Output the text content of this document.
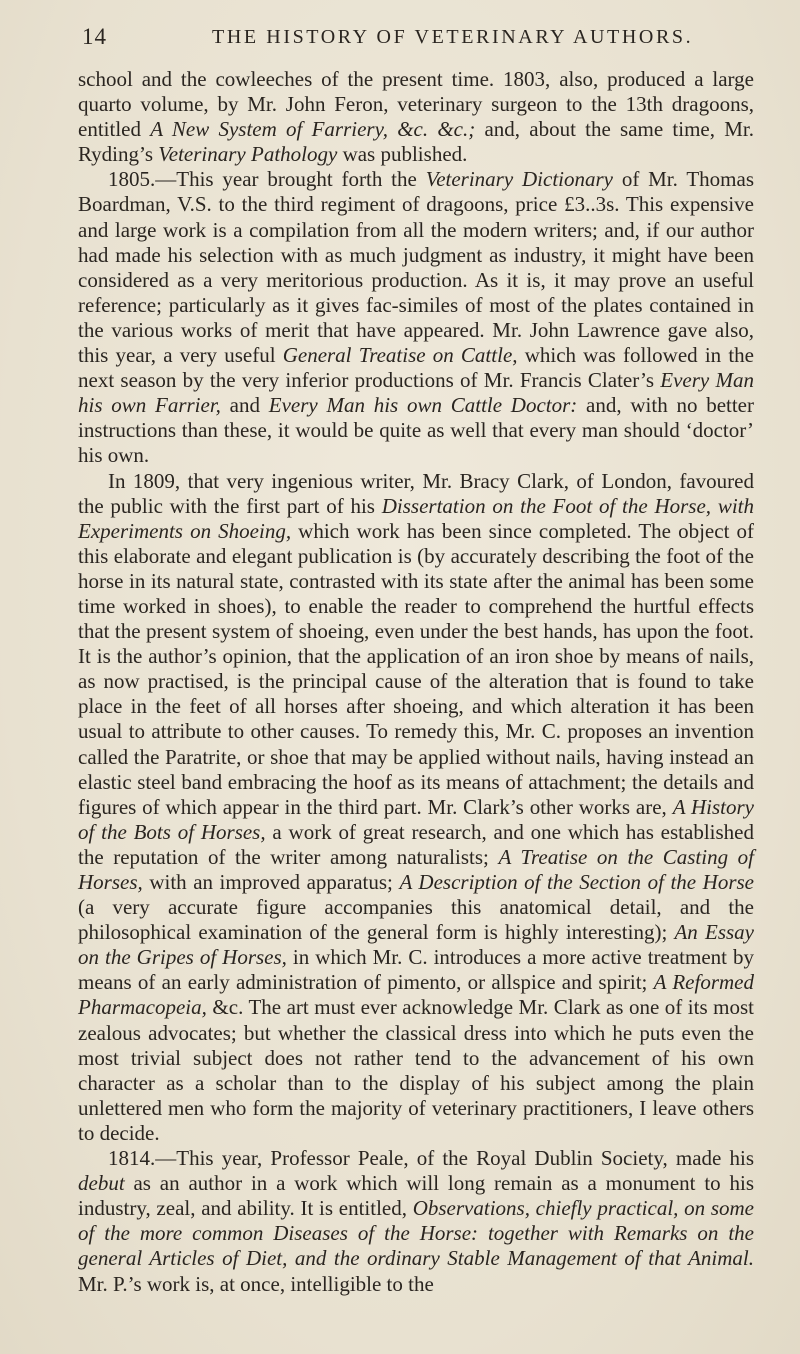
14	THE HISTORY OF VETERINARY AUTHORS.

school and the cowleeches of the present time. 1803, also, produced a large quarto volume, by Mr. John Feron, veterinary surgeon to the 13th dragoons, entitled A New System of Farriery, &c. &c.; and, about the same time, Mr. Ryding’s Veterinary Pathology was published.

1805.—This year brought forth the Veterinary Dictionary of Mr. Thomas Boardman, V.S. to the third regiment of dragoons, price £3..3s. This expensive and large work is a compilation from all the modern writers; and, if our author had made his selection with as much judgment as industry, it might have been considered as a very meritorious production. As it is, it may prove an useful reference; particularly as it gives fac-similes of most of the plates contained in the various works of merit that have appeared. Mr. John Lawrence gave also, this year, a very useful General Treatise on Cattle, which was followed in the next season by the very inferior productions of Mr. Francis Clater’s Every Man his own Farrier, and Every Man his own Cattle Doctor: and, with no better instructions than these, it would be quite as well that every man should ‘doctor’ his own.

In 1809, that very ingenious writer, Mr. Bracy Clark, of London, favoured the public with the first part of his Dissertation on the Foot of the Horse, with Experiments on Shoeing, which work has been since completed. The object of this elaborate and elegant publication is (by accurately describing the foot of the horse in its natural state, contrasted with its state after the animal has been some time worked in shoes), to enable the reader to comprehend the hurtful effects that the present system of shoeing, even under the best hands, has upon the foot. It is the author’s opinion, that the application of an iron shoe by means of nails, as now practised, is the principal cause of the alteration that is found to take place in the feet of all horses after shoeing, and which alteration it has been usual to attribute to other causes. To remedy this, Mr. C. proposes an invention called the Paratrite, or shoe that may be applied without nails, having instead an elastic steel band embracing the hoof as its means of attachment; the details and figures of which appear in the third part. Mr. Clark’s other works are, A History of the Bots of Horses, a work of great research, and one which has established the reputation of the writer among naturalists; A Treatise on the Casting of Horses, with an improved apparatus; A Description of the Section of the Horse (a very accurate figure accompanies this anatomical detail, and the philosophical examination of the general form is highly interesting); An Essay on the Gripes of Horses, in which Mr. C. introduces a more active treatment by means of an early administration of pimento, or allspice and spirit; A Reformed Pharmacopeia, &c. The art must ever acknowledge Mr. Clark as one of its most zealous advocates; but whether the classical dress into which he puts even the most trivial subject does not rather tend to the advancement of his own character as a scholar than to the display of his subject among the plain unlettered men who form the majority of veterinary practitioners, I leave others to decide.

1814.—This year, Professor Peale, of the Royal Dublin Society, made his debut as an author in a work which will long remain as a monument to his industry, zeal, and ability. It is entitled, Observations, chiefly practical, on some of the more common Diseases of the Horse: together with Remarks on the general Articles of Diet, and the ordinary Stable Management of that Animal. Mr. P.’s work is, at once, intelligible to the
